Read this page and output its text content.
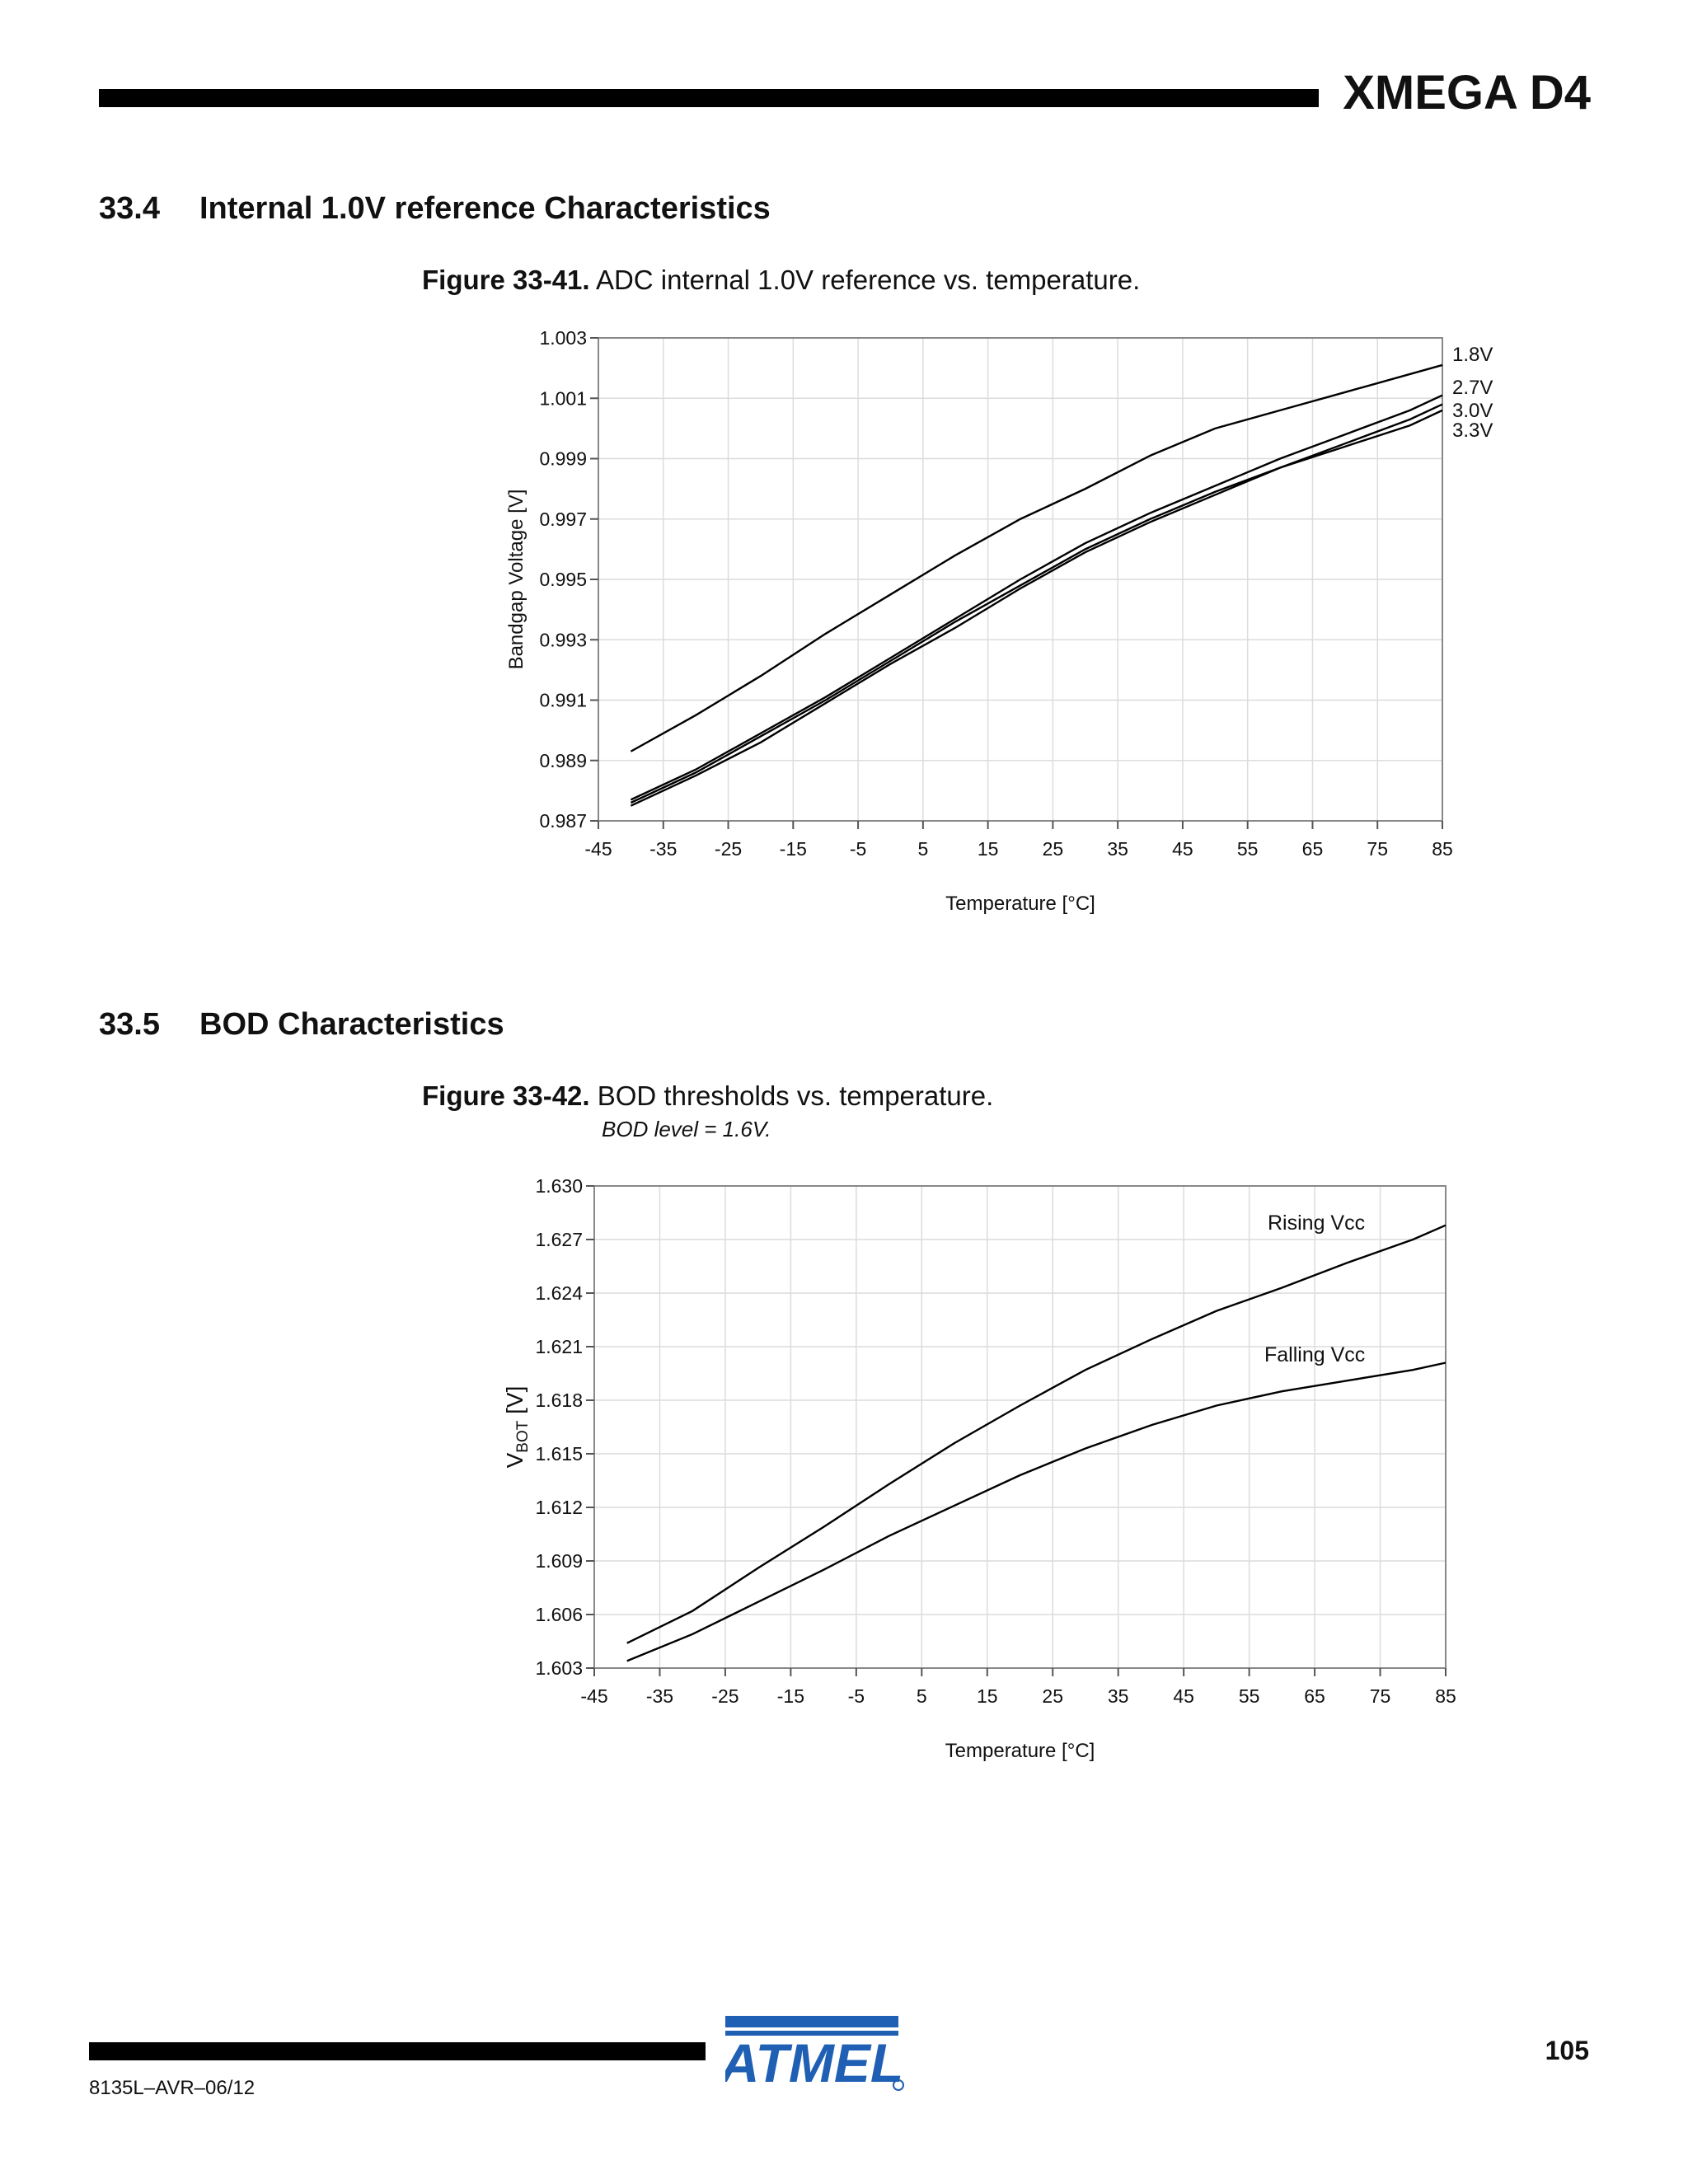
XMEGA D4
33.4 Internal 1.0V reference Characteristics
Figure 33-41. ADC internal 1.0V reference vs. temperature.
-45 -35 -25 -15 -5	5	15 25 35 45 55 65 75 85
1.003
1.001
0.999
0.997
0.995
0.993
0.991
0.989
0.987
Temperature [°C]
Bandgap Voltage [V]
1.8V
2.7V
3.0V
3.3V
33.5 BOD Characteristics
Figure 33-42. BOD thresholds vs. temperature.
BOD level = 1.6V.
-45 -35 -25 -15 -5	5	15 25 35 45 55 65 75 85
1.630
1.627
1.624
1.621
1.618
1.615
1.612
1.609
1.606
1.603
Temperature [°C]
$V_{BOT}$ [V]
Rising Vcc
Falling Vcc
ATMEL	105
8135L–AVR–06/12
